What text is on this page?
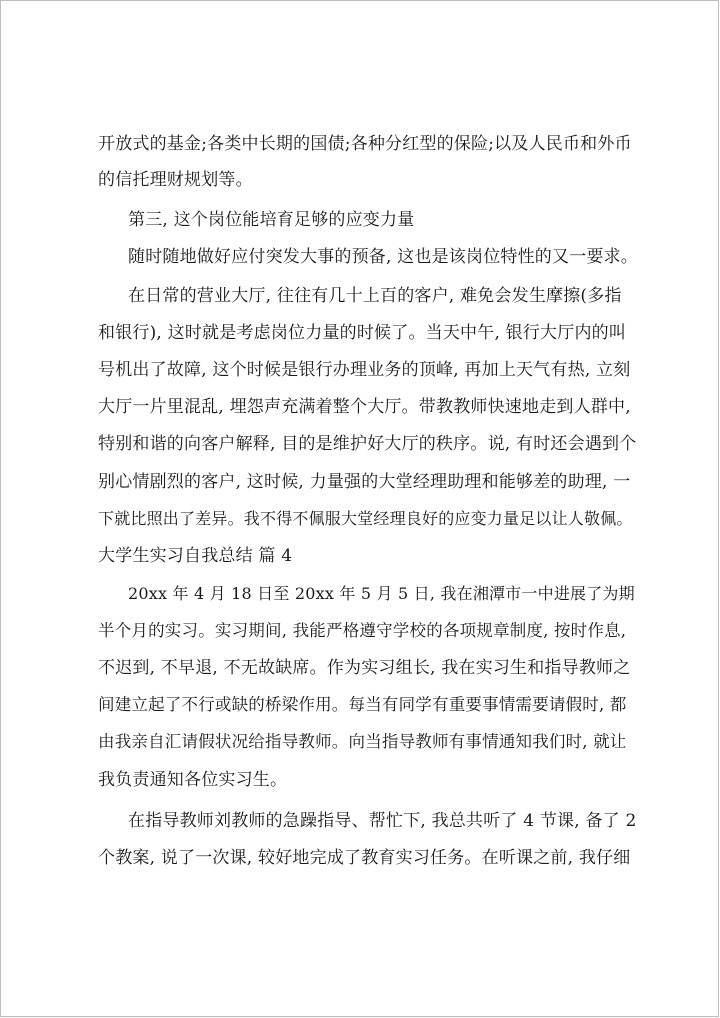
开放式的基金;各类中长期的国债;各种分红型的保险;以及人民币和外币
的信托理财规划等。
第三, 这个岗位能培育足够的应变力量
随时随地做好应付突发大事的预备, 这也是该岗位特性的又一要求。
在日常的营业大厅, 往往有几十上百的客户, 难免会发生摩擦(多指
和银行), 这时就是考虑岗位力量的时候了。当天中午, 银行大厅内的叫
号机出了故障, 这个时候是银行办理业务的顶峰, 再加上天气有热, 立刻
大厅一片里混乱, 埋怨声充满着整个大厅。带教教师快速地走到人群中,
特别和谐的向客户解释, 目的是维护好大厅的秩序。说, 有时还会遇到个
别心情剧烈的客户, 这时候, 力量强的大堂经理助理和能够差的助理, 一
下就比照出了差异。我不得不佩服大堂经理良好的应变力量足以让人敬佩。
大学生实习自我总结 篇 4
20xx 年 4 月 18 日至 20xx 年 5 月 5 日, 我在湘潭市一中进展了为期
半个月的实习。实习期间, 我能严格遵守学校的各项规章制度, 按时作息,
不迟到, 不早退, 不无故缺席。作为实习组长, 我在实习生和指导教师之
间建立起了不行或缺的桥梁作用。每当有同学有重要事情需要请假时, 都
由我亲自汇请假状况给指导教师。向当指导教师有事情通知我们时, 就让
我负责通知各位实习生。
在指导教师刘教师的急躁指导、帮忙下, 我总共听了 4 节课, 备了 2
个教案, 说了一次课, 较好地完成了教育实习任务。在听课之前, 我仔细
